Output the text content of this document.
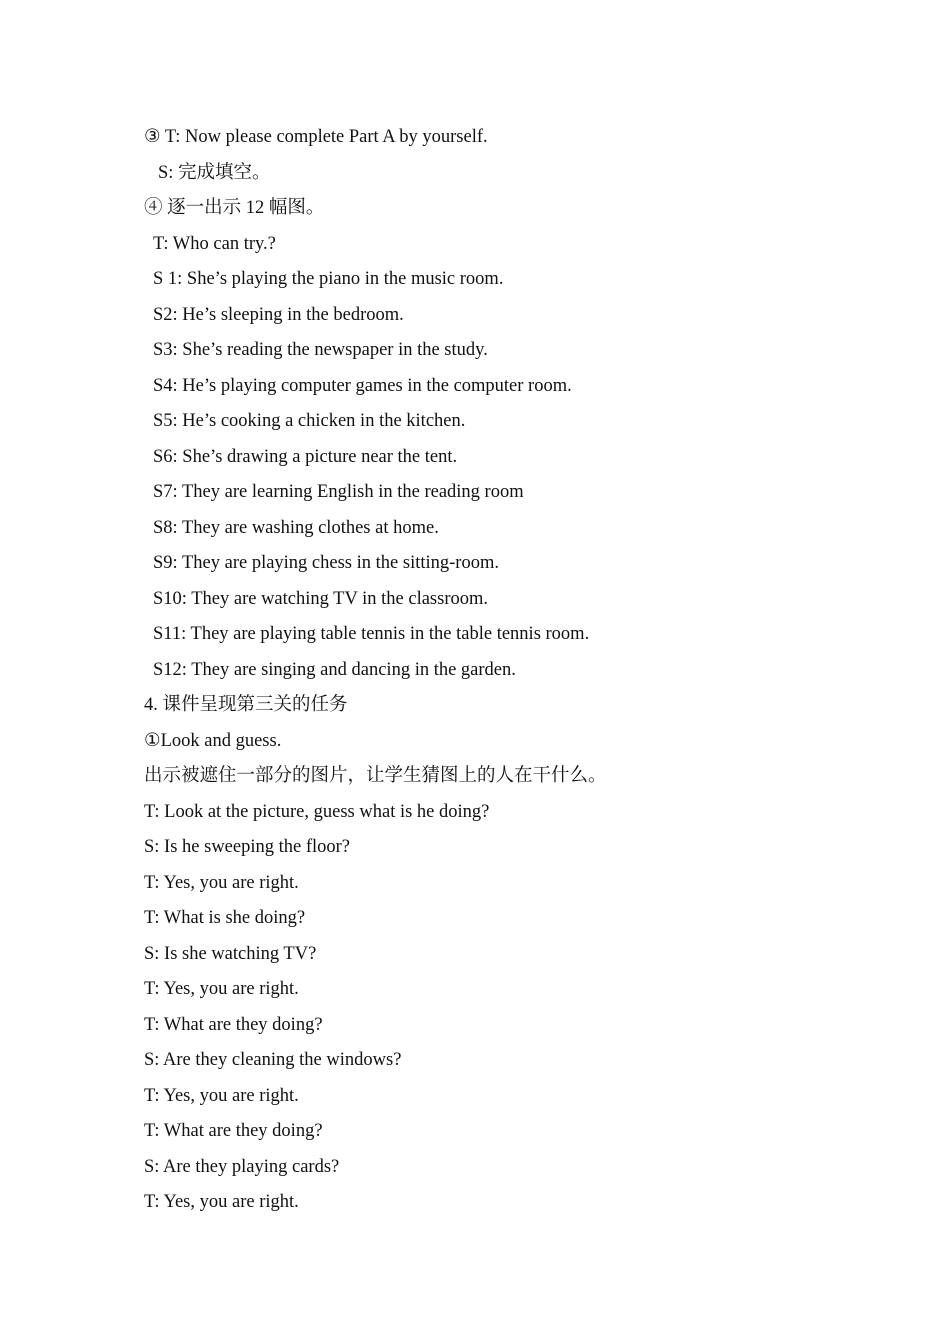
③ T: Now please complete Part A by yourself.
S: 完成填空。
④ 逐一出示 12 幅图。
T: Who can try.?
S 1: She’s playing the piano in the music room.
S2: He’s sleeping in the bedroom.
S3: She’s reading the newspaper in the study.
S4: He’s playing computer games in the computer room.
S5: He’s cooking a chicken in the kitchen.
S6: She’s drawing a picture near the tent.
S7: They are learning English in the reading room
S8: They are washing clothes at home.
S9: They are playing chess in the sitting-room.
S10: They are watching TV in the classroom.
S11: They are playing table tennis in the table tennis room.
S12: They are singing and dancing in the garden.
4. 课件呈现第三关的任务
①Look and guess.
出示被遮住一部分的图片，让学生猜图上的人在干什么。
T: Look at the picture, guess what is he doing?
S: Is he sweeping the floor?
T: Yes, you are right.
T: What is she doing?
S: Is she watching TV?
T: Yes, you are right.
T: What are they doing?
S: Are they cleaning the windows?
T: Yes, you are right.
T: What are they doing?
S: Are they playing cards?
T: Yes, you are right.
